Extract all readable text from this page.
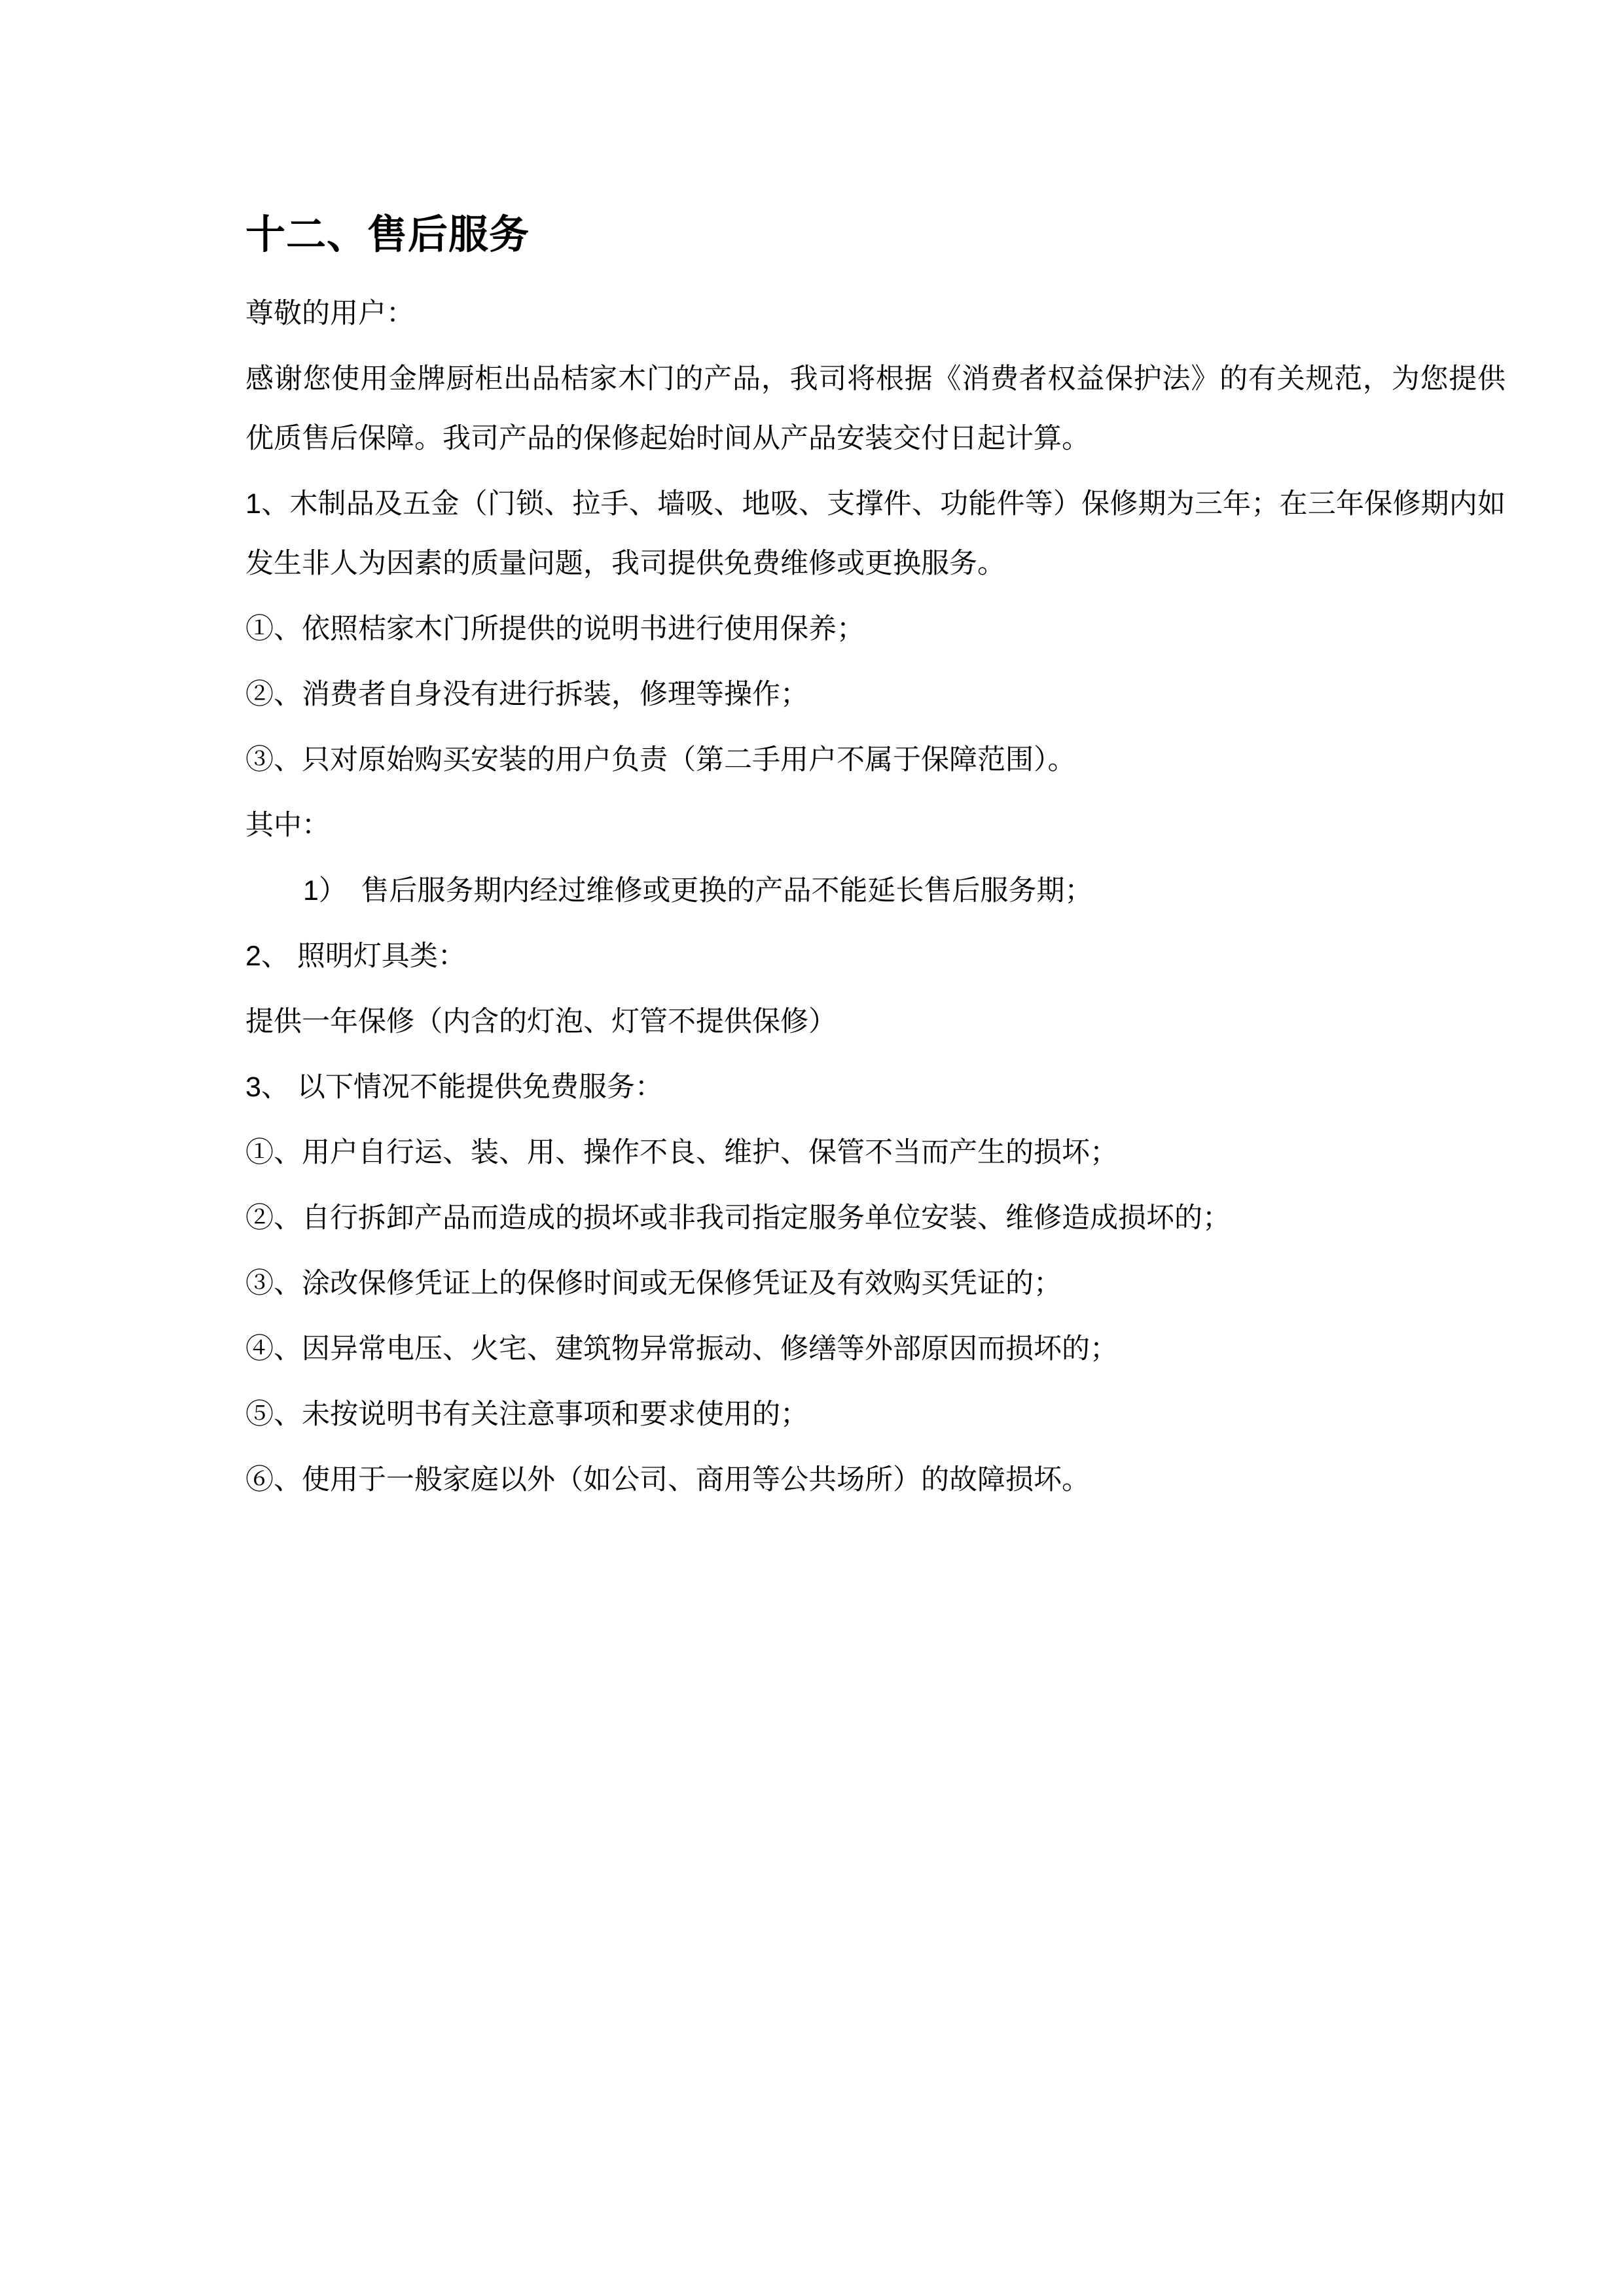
十二、售后服务

尊敬的用户：

感谢您使用金牌厨柜出品桔家木门的产品，我司将根据《消费者权益保护法》的有关规范，为您提供优质售后保障。我司产品的保修起始时间从产品安装交付日起计算。

1、木制品及五金（门锁、拉手、墙吸、地吸、支撑件、功能件等）保修期为三年；在三年保修期内如发生非人为因素的质量问题，我司提供免费维修或更换服务。

①、依照桔家木门所提供的说明书进行使用保养；

②、消费者自身没有进行拆装，修理等操作；

③、只对原始购买安装的用户负责（第二手用户不属于保障范围）。

其中：

1）　售后服务期内经过维修或更换的产品不能延长售后服务期；

2、 照明灯具类：

提供一年保修（内含的灯泡、灯管不提供保修）

3、 以下情况不能提供免费服务：

①、用户自行运、装、用、操作不良、维护、保管不当而产生的损坏；

②、自行拆卸产品而造成的损坏或非我司指定服务单位安装、维修造成损坏的；

③、涂改保修凭证上的保修时间或无保修凭证及有效购买凭证的；

④、因异常电压、火宅、建筑物异常振动、修缮等外部原因而损坏的；

⑤、未按说明书有关注意事项和要求使用的；

⑥、使用于一般家庭以外（如公司、商用等公共场所）的故障损坏。
